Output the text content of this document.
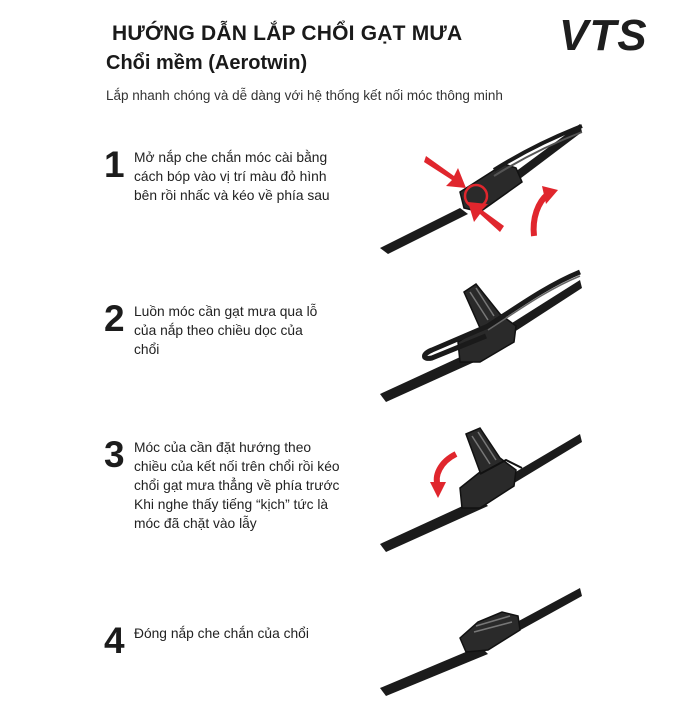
HƯỚNG DẪN LẮP CHỔI GẠT MƯA
Chổi mềm (Aerotwin)
Lắp nhanh chóng và dễ dàng với hệ thống kết nối móc thông minh
VTS
1 Mở nắp che chắn móc cài bằng
cách bóp vào vị trí màu đỏ hình
bên rồi nhấc và kéo về phía sau
2 Luồn móc cần gạt mưa qua lỗ
của nắp theo chiều dọc của
chổi
3 Móc của cần đặt hướng theo
chiều của kết nối trên chổi rồi kéo
chổi gạt mưa thẳng về phía trước
Khi nghe thấy tiếng “kịch” tức là
móc đã chặt vào lẫy
4 Đóng nắp che chắn của chổi
